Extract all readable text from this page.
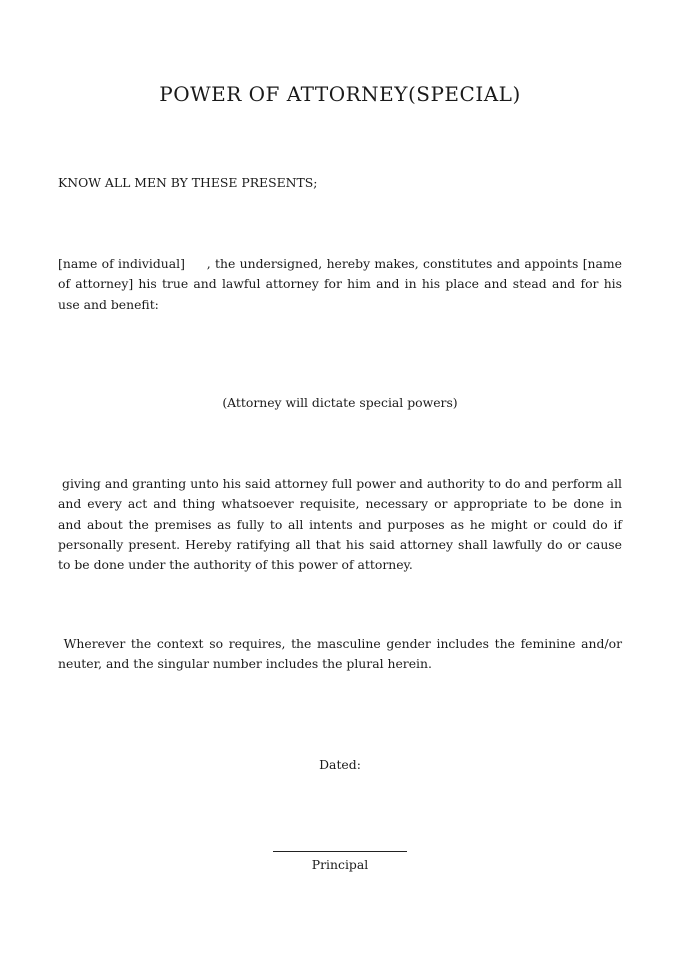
POWER OF ATTORNEY(SPECIAL)
KNOW ALL MEN BY THESE PRESENTS;
[name of individual]     , the undersigned, hereby makes, constitutes and appoints [name of attorney] his true and lawful attorney for him and in his place and stead and for his use and benefit:
(Attorney will dictate special powers)
giving and granting unto his said attorney full power and authority to do and perform all and every act and thing whatsoever requisite, necessary or appropriate to be done in and about the premises as fully to all intents and purposes as he might or could do if personally present. Hereby ratifying all that his said attorney shall lawfully do or cause to be done under the authority of this power of attorney.
Wherever the context so requires, the masculine gender includes the feminine and/or neuter, and the singular number includes the plural herein.
Dated:
Principal
